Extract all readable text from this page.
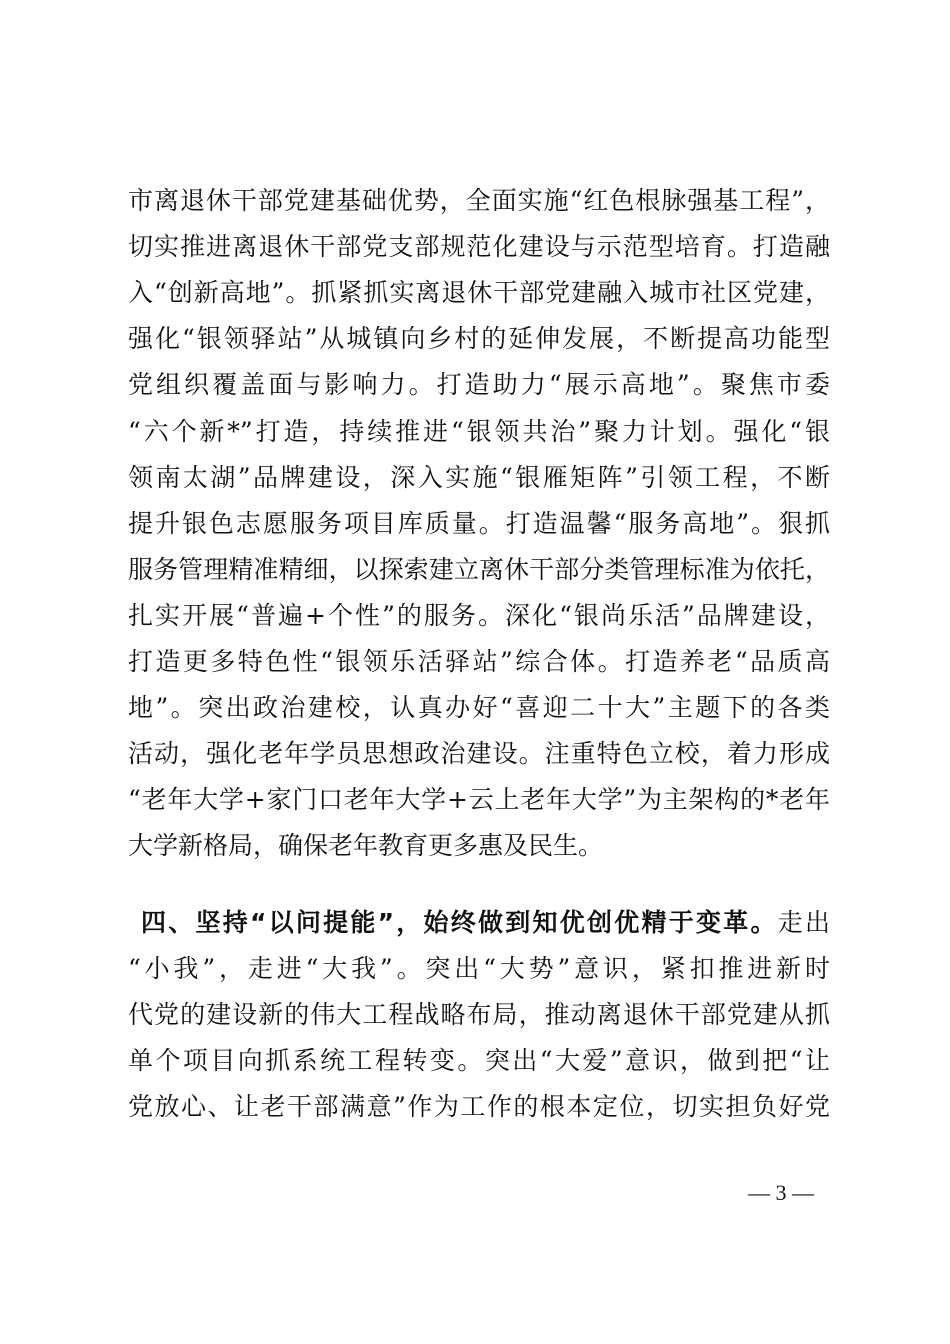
市离退休干部党建基础优势，全面实施“红色根脉强基工程”，
切实推进离退休干部党支部规范化建设与示范型培育。打造融
入“创新高地”。抓紧抓实离退休干部党建融入城市社区党建，
强化“银领驿站”从城镇向乡村的延伸发展，不断提高功能型
党组织覆盖面与影响力。打造助力“展示高地”。聚焦市委
“六个新*”打造，持续推进“银领共治”聚力计划。强化“银
领南太湖”品牌建设，深入实施“银雁矩阵”引领工程，不断
提升银色志愿服务项目库质量。打造温馨“服务高地”。狠抓
服务管理精准精细，以探索建立离休干部分类管理标准为依托，
扎实开展“普遍+个性”的服务。深化“银尚乐活”品牌建设，
打造更多特色性“银领乐活驿站”综合体。打造养老“品质高
地”。突出政治建校，认真办好“喜迎二十大”主题下的各类
活动，强化老年学员思想政治建设。注重特色立校，着力形成
“老年大学+家门口老年大学+云上老年大学”为主架构的*老年
大学新格局，确保老年教育更多惠及民生。
四、坚持“以问提能”，始终做到知优创优精于变革。走出
“小我”，走进“大我”。突出“大势”意识，紧扣推进新时
代党的建设新的伟大工程战略布局，推动离退休干部党建从抓
单个项目向抓系统工程转变。突出“大爱”意识，做到把“让
党放心、让老干部满意”作为工作的根本定位，切实担负好党
— 3 —
